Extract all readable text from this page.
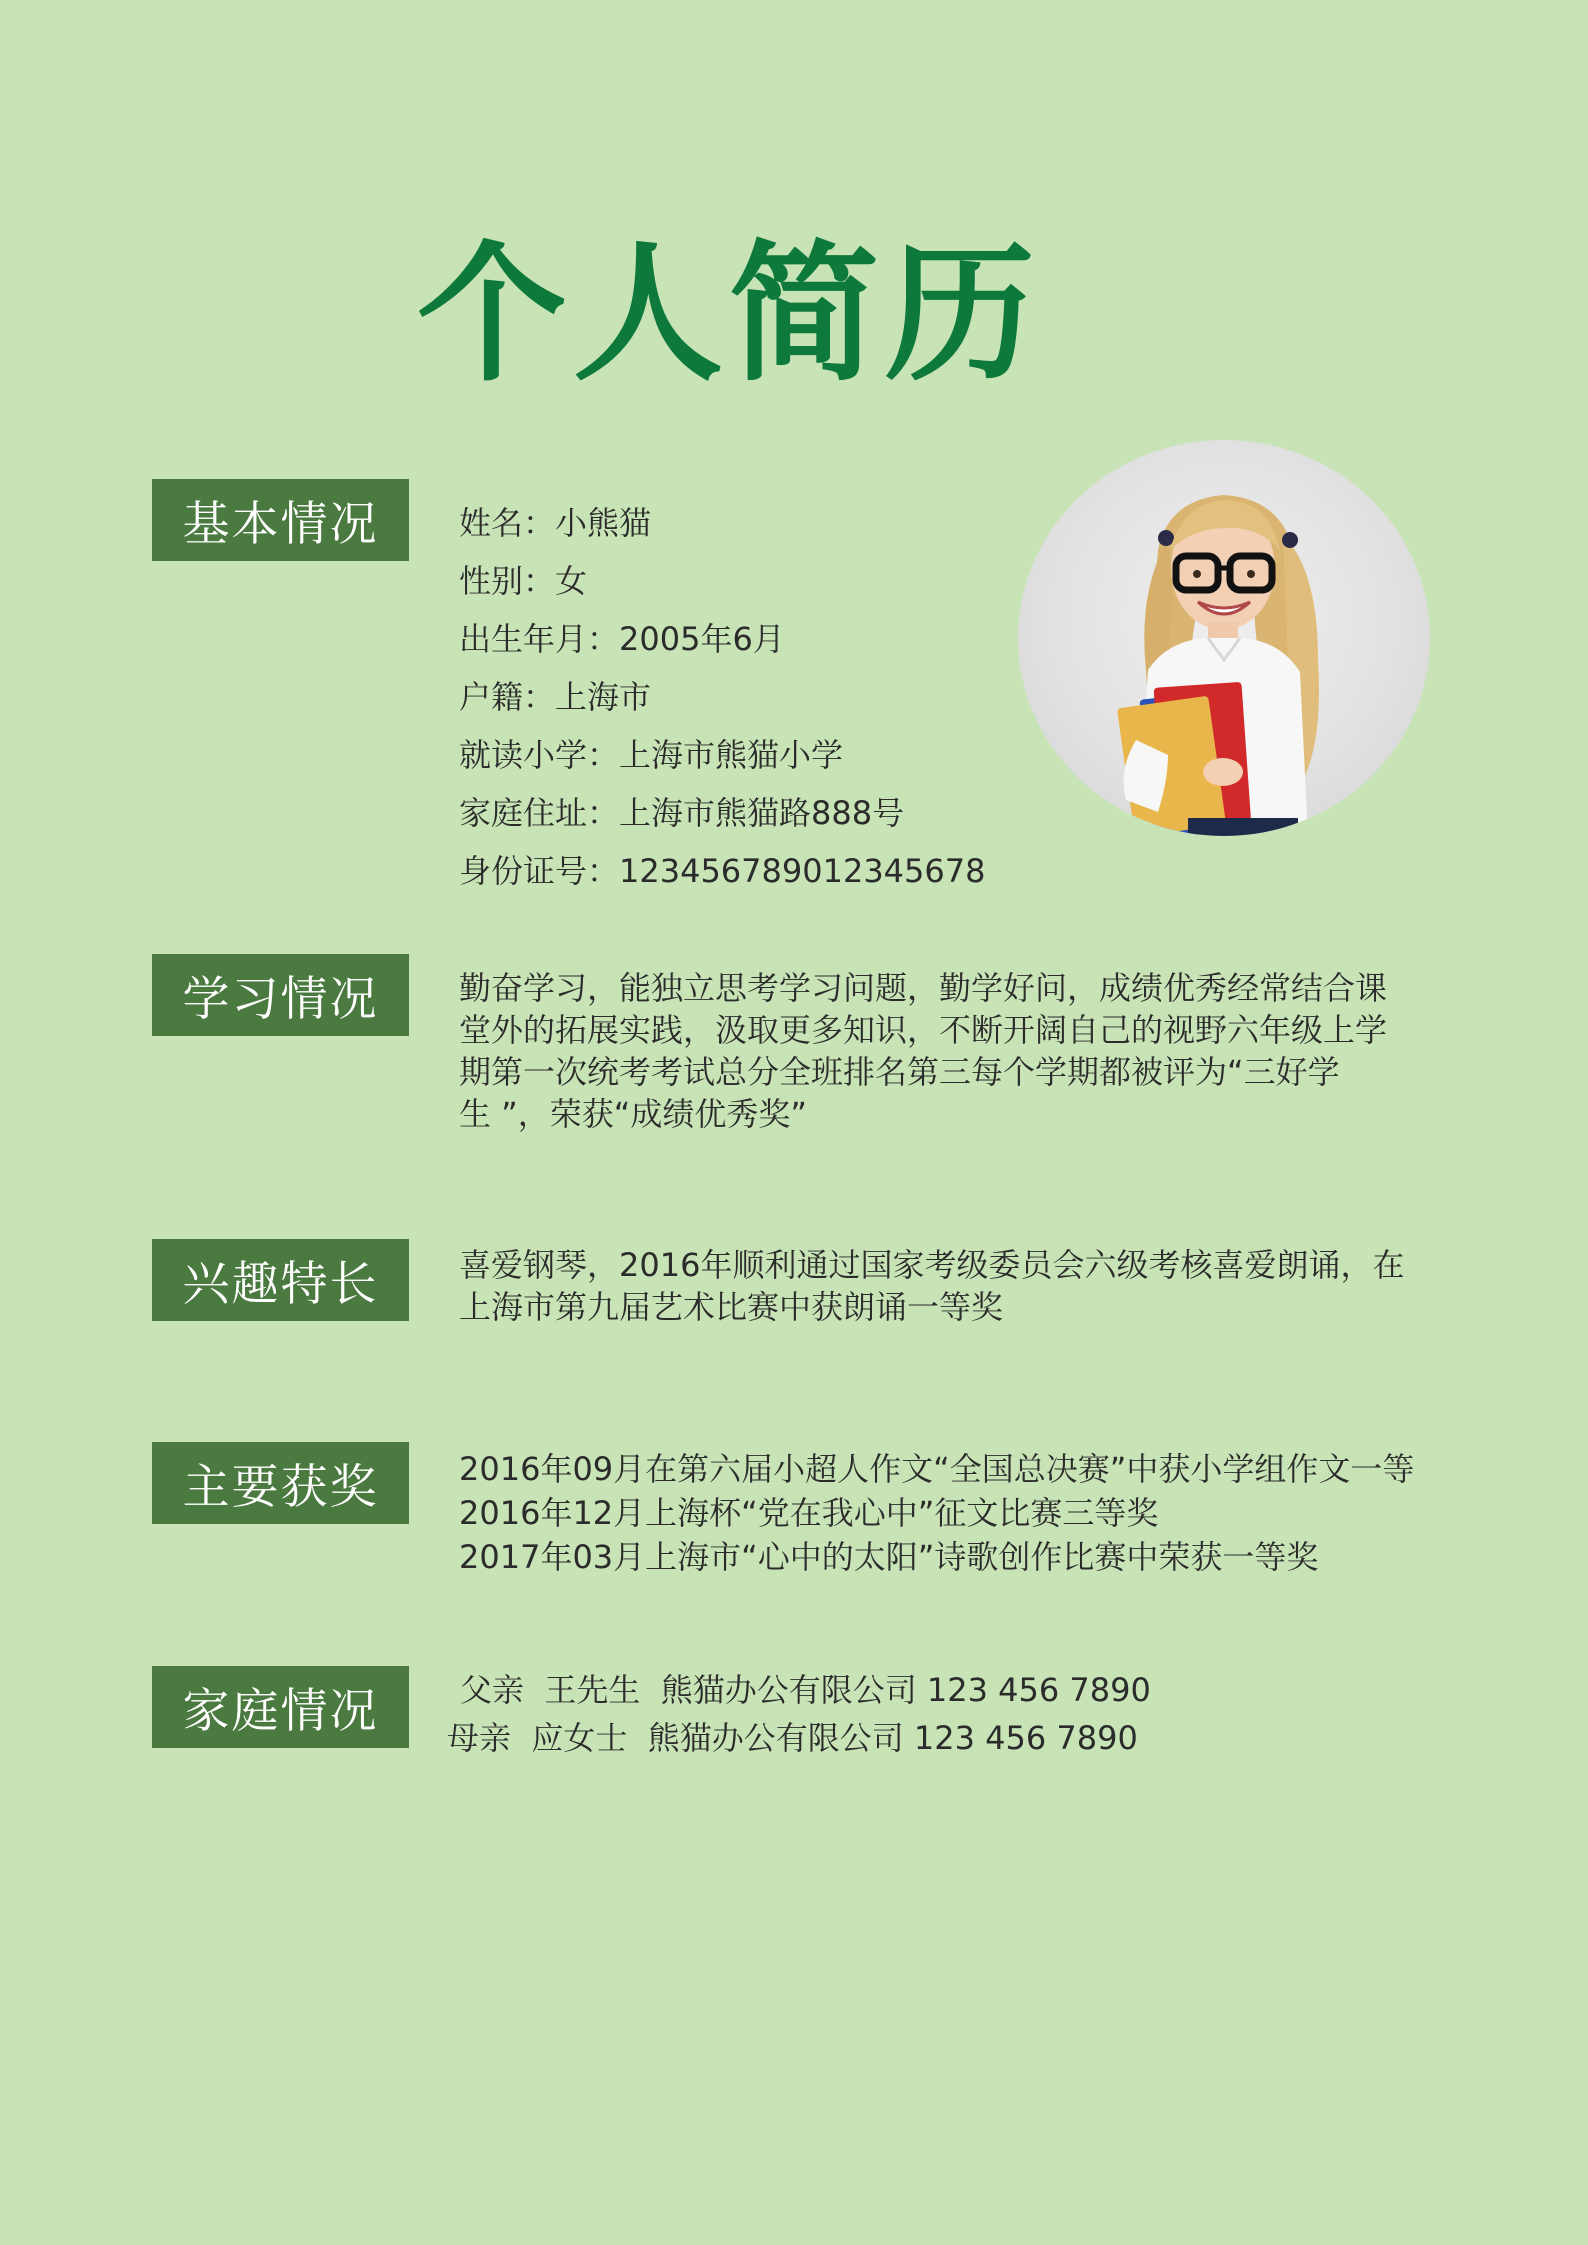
个人简历
基本情况	姓名：小熊猫
性别：女
出生年月：2005年6月
户籍：上海市
就读小学：上海市熊猫小学
家庭住址：上海市熊猫路888号
身份证号：123456789012345678
学习情况	勤奋学习，能独立思考学习问题，勤学好问，成绩优秀经常结合课
堂外的拓展实践，汲取更多知识，不断开阔自己的视野六年级上学
期第一次统考考试总分全班排名第三每个学期都被评为“三好学
生 ”，荣获“成绩优秀奖”
兴趣特长	喜爱钢琴，2016年顺利通过国家考级委员会六级考核喜爱朗诵，在
上海市第九届艺术比赛中获朗诵一等奖
主要获奖	2016年09月在第六届小超人作文“全国总决赛”中获小学组作文一等
2016年12月上海杯“党在我心中”征文比赛三等奖
2017年03月上海市“心中的太阳”诗歌创作比赛中荣获一等奖
家庭情况	父亲  王先生  熊猫办公有限公司 123 456 7890
母亲  应女士  熊猫办公有限公司 123 456 7890
